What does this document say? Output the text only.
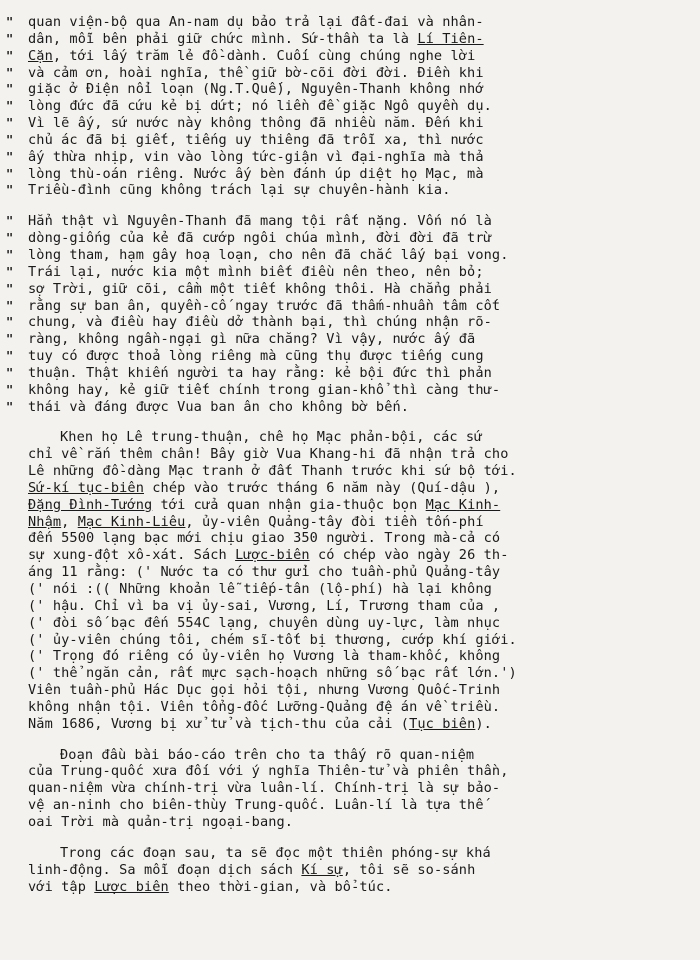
" quan viện-bộ qua An-nam dụ bảo trả lại đất-đai và nhân-
" dân, mỗi bên phải giữ chức mình. Sứ-thần ta là Lí Tiên-
" Cặn, tới lấy trăm lẻ đồ-dành. Cuối cùng chúng nghe lời
" và cảm ơn, hoài nghĩa, thề giữ bờ-cõi đời đời. Điền khi
" giặc ở Điện nổi loạn (Ng.T.Quế), Nguyên-Thanh không nhớ
" lòng đức đã cứu kẻ bị dứt; nó liền đề giặc Ngô quyền dụ.
" Vì lẽ ấy, sứ nước này không thông đã nhiều năm. Đến khi
" chủ ác đã bị giết, tiếng uy thiêng đã trỗi xa, thì nước
" ấy thừa nhịp, vin vào lòng tức-giận vì đại-nghĩa mà thả
" lòng thù-oán riêng. Nước ấy bèn đánh úp diệt họ Mạc, mà
" Triều-đình cũng không trách lại sự chuyên-hành kia.
" Hẳn thật vì Nguyên-Thanh đã mang tội rất nặng. Vốn nó là
" dòng-giống của kẻ đã cướp ngôi chúa mình, đời đời đã trừ
" lòng tham, hạm gây hoạ loạn, cho nên đã chắc lấy bại vong.
" Trái lại, nước kia một mình biết điều nên theo, nên bỏ;
" sợ Trời, giữ cõi, cầm một tiết không thôi. Hà chẳng phải
" rằng sự ban ân, quyền-cố ngay trước đã thấm-nhuần tâm cốt
" chung, và điều hay điều dở thành bại, thì chúng nhận rõ-
" ràng, không ngần-ngại gì nữa chăng? Vì vậy, nước ấy đã
" tuy có được thoả lòng riêng mà cũng thụ được tiếng cung
" thuận. Thật khiến người ta hay rằng: kẻ bội đức thì phản
" không hay, kẻ giữ tiết chính trong gian-khổ thì càng thư-
" thái và đáng được Vua ban ân cho không bờ bến.
Khen họ Lê trung-thuận, chê họ Mạc phản-bội, các sứ
chỉ về rắn thêm chân! Bây giờ Vua Khang-hi đã nhận trả cho
Lê những đồ-dàng Mạc tranh ở đất Thanh trước khi sứ bộ tới.
Sứ-kí tục-biên chép vào trước tháng 6 năm này (Quí-dậu ),
Đặng Đình-Tướng tới cửa quan nhận gia-thuộc bọn Mạc Kinh-
Nhậm, Mạc Kinh-Liêu, ủy-viên Quảng-tây đòi tiền tốn-phí
đến 5500 lạng bạc mới chịu giao 350 người. Trong mà-cả có
sự xung-đột xô-xát. Sách Lược-biên có chép vào ngày 26 th-
áng 11 rằng: (' Nước ta có thư gửi cho tuần-phủ Quảng-tây
(' nói :(( Những khoản lễ tiếp-tân (lộ-phí) hà lại không
(' hậu. Chỉ vì ba vị ủy-sai, Vương, Lí, Trương tham của ,
(' đòi số bạc đến 554C lạng, chuyên dùng uy-lực, làm nhục
(' ủy-viên chúng tôi, chém sĩ-tốt bị thương, cướp khí giới.
(' Trọng đó riêng có ủy-viên họ Vương là tham-khốc, không
(' thể ngăn cản, rất mực sạch-hoạch những số bạc rất lớn.')
Viên tuần-phủ Hác Dục gọi hỏi tội, nhưng Vương Quốc-Trinh
không nhận tội. Viên tổng-đốc Lưỡng-Quảng đệ án về triều.
Năm 1686, Vương bị xử tử và tịch-thu của cải (Tục biên).
Đoạn đầu bài báo-cáo trên cho ta thấy rõ quan-niệm
của Trung-quốc xưa đối với ý nghĩa Thiên-tử và phiên thần,
quan-niệm vừa chính-trị vừa luân-lí. Chính-trị là sự bảo-
vệ an-ninh cho biên-thùy Trung-quốc. Luân-lí là tựa thế
oai Trời mà quản-trị ngoại-bang.
Trong các đoạn sau, ta sẽ đọc một thiên phóng-sự khá
linh-động. Sa mỗi đoạn dịch sách Kí sự, tôi sẽ so-sánh
với tập Lược biên theo thời-gian, và bổ-túc.
